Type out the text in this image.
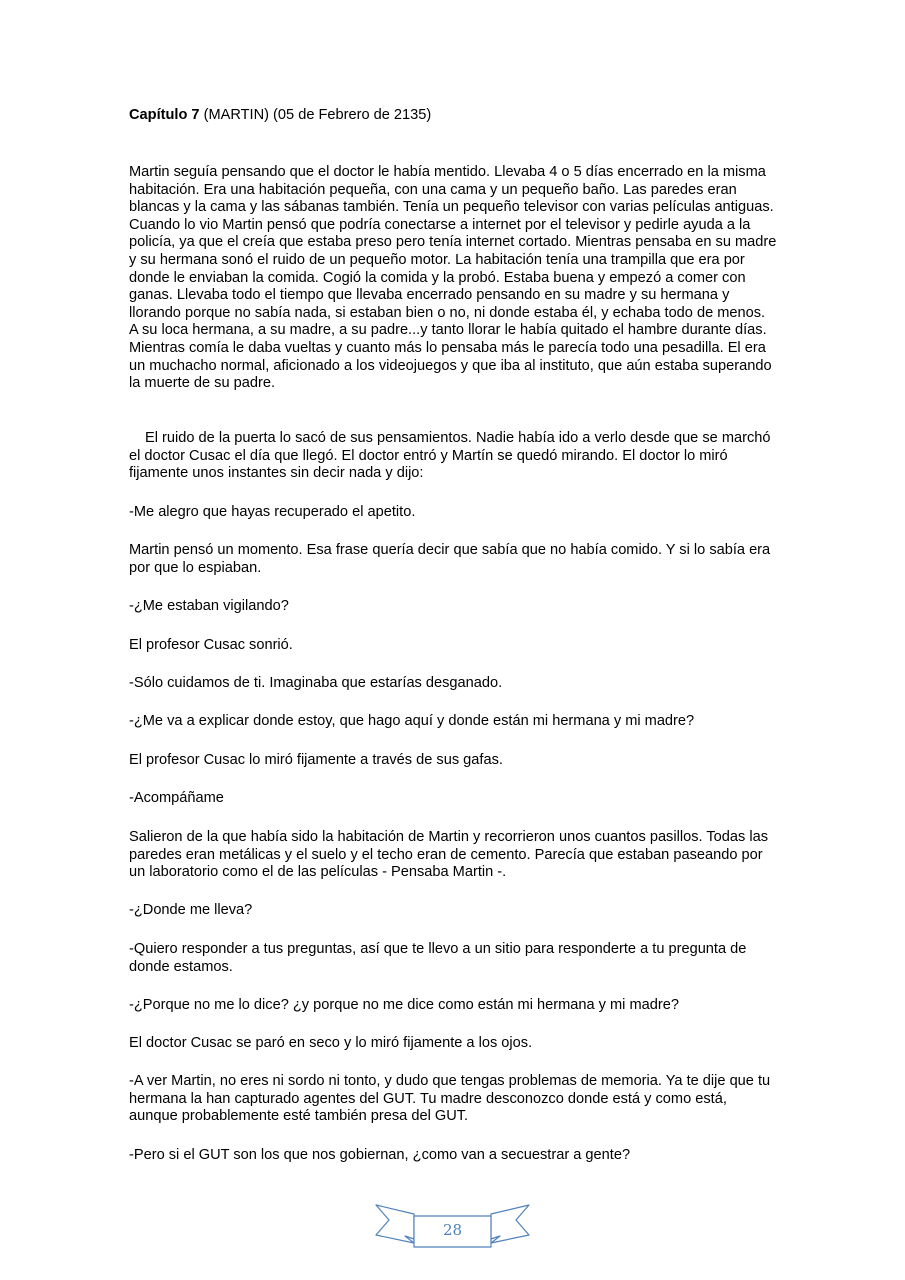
Capítulo 7 (MARTIN) (05 de Febrero de 2135)
Martin seguía pensando que el doctor le había mentido. Llevaba 4 o 5 días encerrado en la misma habitación. Era una habitación pequeña, con una cama y un pequeño baño. Las paredes eran blancas y la cama y las sábanas también. Tenía un pequeño televisor con varias películas antiguas. Cuando lo vio Martin pensó que podría conectarse a internet por el televisor y pedirle ayuda a la policía, ya que el creía que estaba preso pero tenía internet cortado. Mientras pensaba en su madre y su hermana sonó el ruido de un pequeño motor. La habitación tenía una trampilla que era por donde le enviaban la comida. Cogió la comida y la probó. Estaba buena y empezó a comer con ganas. Llevaba todo el tiempo que llevaba encerrado pensando en su madre y su hermana y llorando porque no sabía nada, si estaban bien o no, ni donde estaba él, y echaba todo de menos. A su loca hermana, a su madre, a su padre...y tanto llorar le había quitado el hambre durante días. Mientras comía le daba vueltas y cuanto más lo pensaba más le parecía todo una pesadilla. El era un muchacho normal, aficionado a los videojuegos y que iba al instituto, que aún estaba superando la muerte de su padre.
El ruido de la puerta lo sacó de sus pensamientos. Nadie había ido a verlo desde que se marchó el doctor Cusac el día que llegó. El doctor entró y Martín se quedó mirando. El doctor lo miró fijamente unos instantes sin decir nada y dijo:
-Me alegro que hayas recuperado el apetito.
Martin pensó un momento. Esa frase quería decir que sabía que no había comido. Y si lo sabía era por que lo espiaban.
-¿Me estaban vigilando?
El profesor Cusac sonrió.
-Sólo cuidamos de ti. Imaginaba que estarías desganado.
-¿Me va a explicar donde estoy, que hago aquí y donde están mi hermana y mi madre?
El profesor Cusac lo miró fijamente a través de sus gafas.
-Acompáñame
Salieron de la que había sido la habitación de Martin y recorrieron unos cuantos pasillos. Todas las paredes eran metálicas y el suelo y el techo eran de cemento. Parecía que estaban paseando por un laboratorio como el de las películas - Pensaba Martin -.
-¿Donde me lleva?
-Quiero responder a tus preguntas, así que te llevo a un sitio para responderte a tu pregunta de donde estamos.
-¿Porque no me lo dice? ¿y porque no me dice como están mi hermana y mi madre?
El doctor Cusac se paró en seco y lo miró fijamente a los ojos.
-A ver Martin, no eres ni sordo ni tonto, y dudo que tengas problemas de memoria. Ya te dije que tu hermana la han capturado agentes del GUT. Tu madre desconozco donde está y como está, aunque probablemente esté también presa del GUT.
-Pero si el GUT son los que nos gobiernan, ¿como van a secuestrar a gente?
28
